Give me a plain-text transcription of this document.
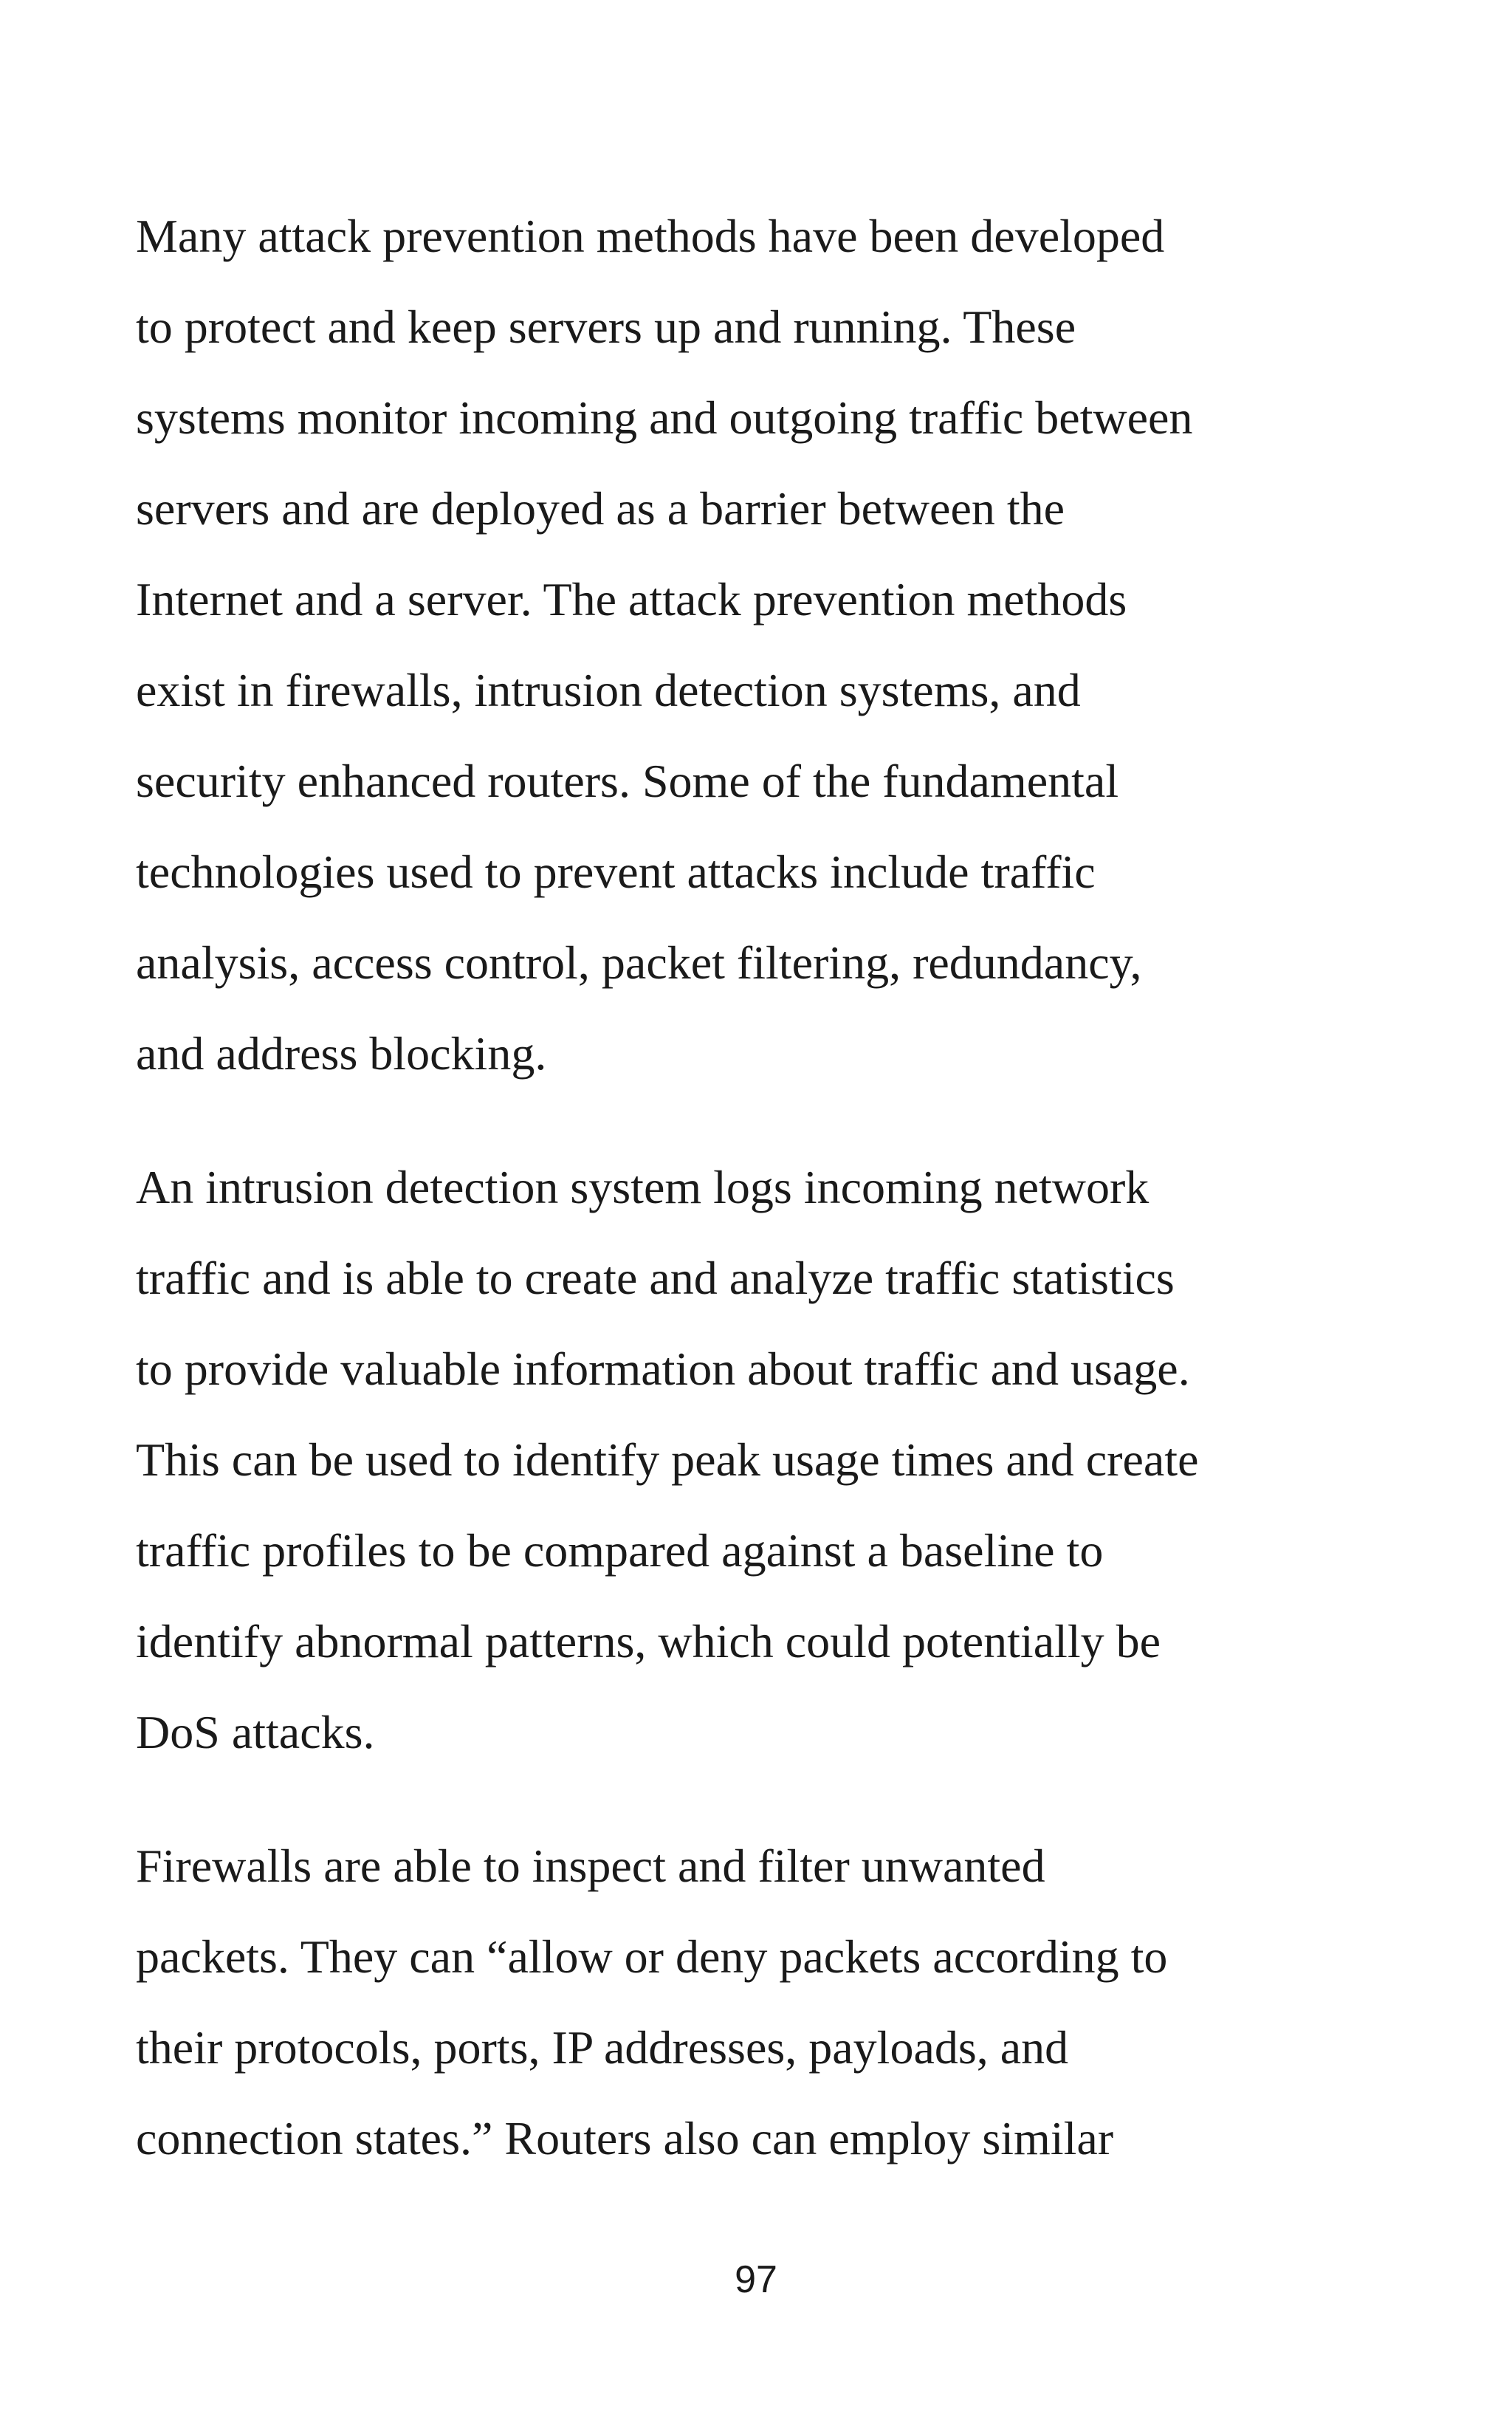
Many attack prevention methods have been developed
to protect and keep servers up and running. These
systems monitor incoming and outgoing traffic between
servers and are deployed as a barrier between the
Internet and a server. The attack prevention methods
exist in firewalls, intrusion detection systems, and
security enhanced routers. Some of the fundamental
technologies used to prevent attacks include traffic
analysis, access control, packet filtering, redundancy,
and address blocking.

An intrusion detection system logs incoming network
traffic and is able to create and analyze traffic statistics
to provide valuable information about traffic and usage.
This can be used to identify peak usage times and create
traffic profiles to be compared against a baseline to
identify abnormal patterns, which could potentially be
DoS attacks.

Firewalls are able to inspect and filter unwanted
packets. They can “allow or deny packets according to
their protocols, ports, IP addresses, payloads, and
connection states.” Routers also can employ similar

97
